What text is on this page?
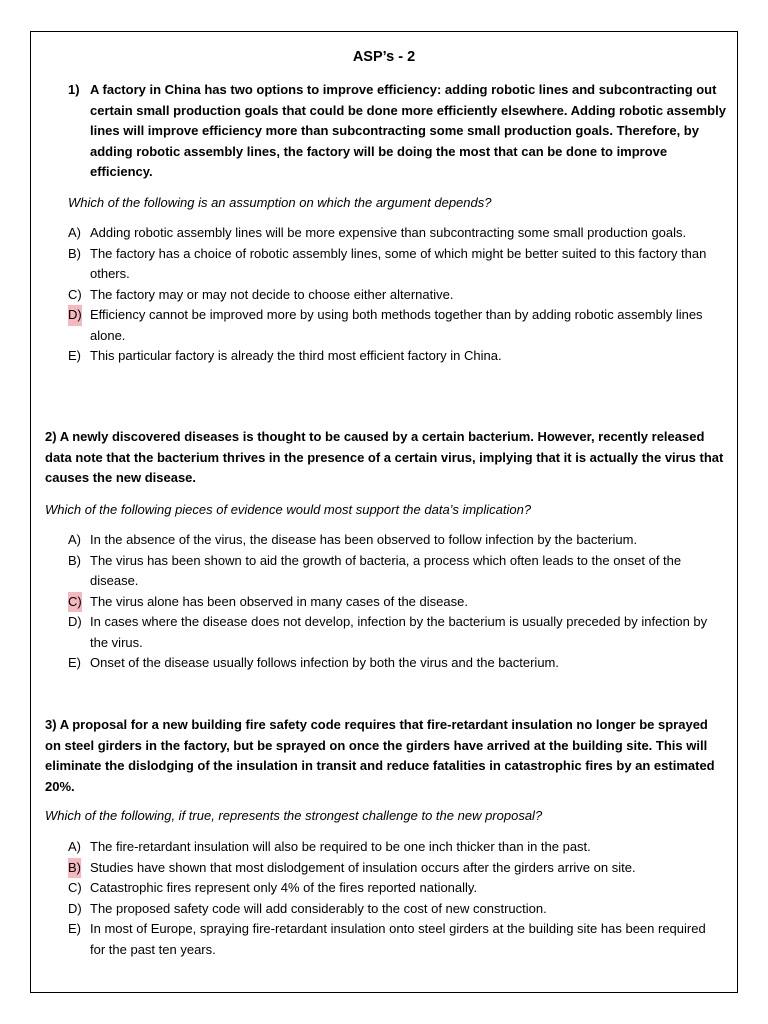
ASP’s - 2
1) A factory in China has two options to improve efficiency: adding robotic lines and subcontracting out certain small production goals that could be done more efficiently elsewhere. Adding robotic assembly lines will improve efficiency more than subcontracting some small production goals. Therefore, by adding robotic assembly lines, the factory will be doing the most that can be done to improve efficiency.
Which of the following is an assumption on which the argument depends?
A) Adding robotic assembly lines will be more expensive than subcontracting some small production goals.
B) The factory has a choice of robotic assembly lines, some of which might be better suited to this factory than others.
C) The factory may or may not decide to choose either alternative.
D) Efficiency cannot be improved more by using both methods together than by adding robotic assembly lines alone.
E) This particular factory is already the third most efficient factory in China.
2) A newly discovered diseases is thought to be caused by a certain bacterium. However, recently released data note that the bacterium thrives in the presence of a certain virus, implying that it is actually the virus that causes the new disease.
Which of the following pieces of evidence would most support the data’s implication?
A) In the absence of the virus, the disease has been observed to follow infection by the bacterium.
B) The virus has been shown to aid the growth of bacteria, a process which often leads to the onset of the disease.
C) The virus alone has been observed in many cases of the disease.
D) In cases where the disease does not develop, infection by the bacterium is usually preceded by infection by the virus.
E) Onset of the disease usually follows infection by both the virus and the bacterium.
3) A proposal for a new building fire safety code requires that fire-retardant insulation no longer be sprayed on steel girders in the factory, but be sprayed on once the girders have arrived at the building site. This will eliminate the dislodging of the insulation in transit and reduce fatalities in catastrophic fires by an estimated 20%.
Which of the following, if true, represents the strongest challenge to the new proposal?
A) The fire-retardant insulation will also be required to be one inch thicker than in the past.
B) Studies have shown that most dislodgement of insulation occurs after the girders arrive on site.
C) Catastrophic fires represent only 4% of the fires reported nationally.
D) The proposed safety code will add considerably to the cost of new construction.
E) In most of Europe, spraying fire-retardant insulation onto steel girders at the building site has been required for the past ten years.
